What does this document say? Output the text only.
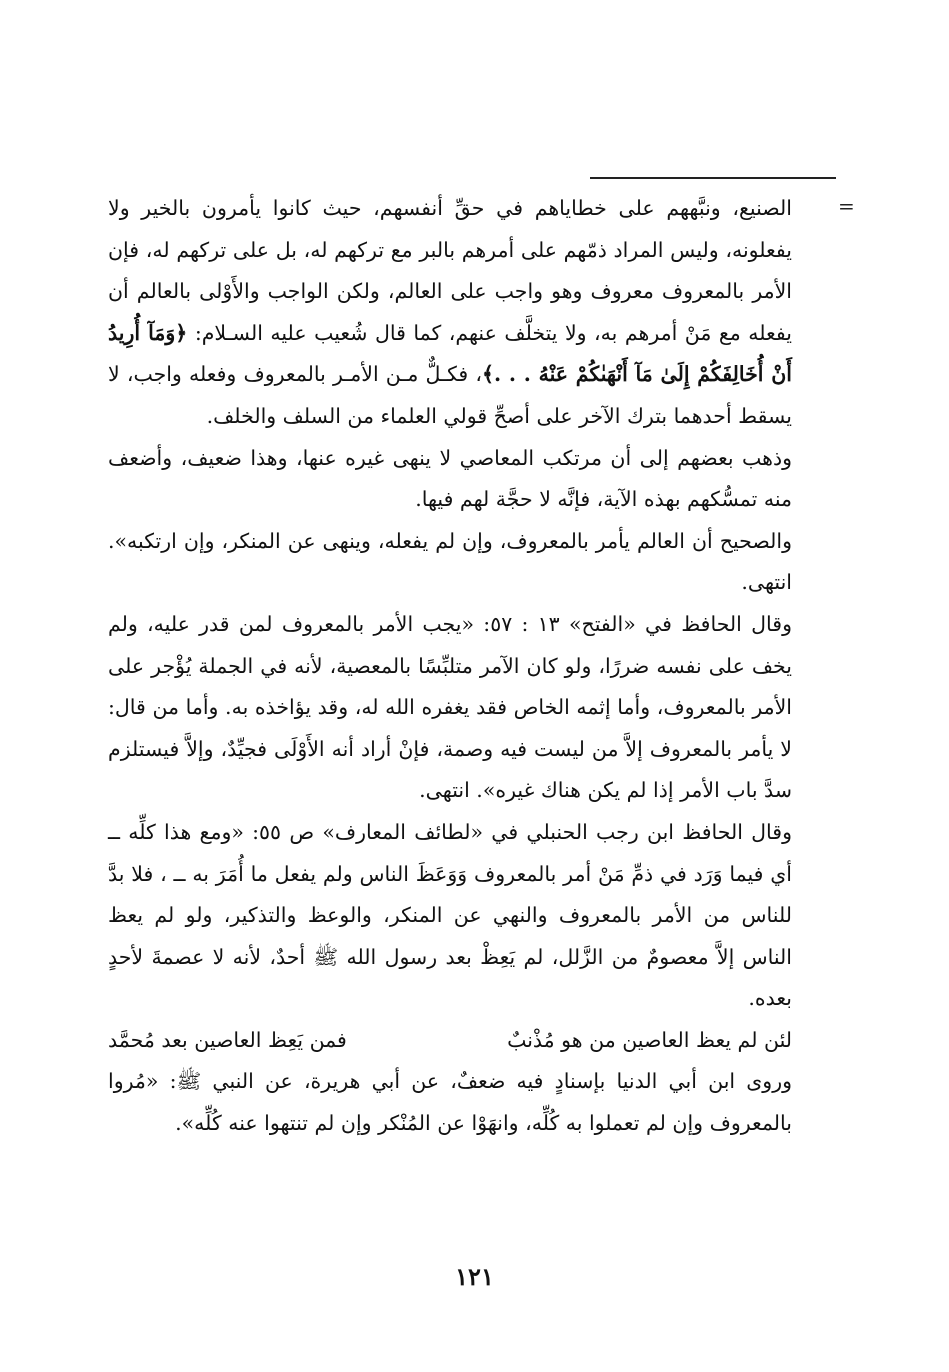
=

الصنيع، ونبَّههم على خطاياهم في حقِّ أنفسهم، حيث كانوا يأمرون بالخير ولا يفعلونه، وليس المراد ذمّهم على أمرهم بالبر مع تركهم له، بل على تركهم له، فإن الأمر بالمعروف معروف وهو واجب على العالم، ولكن الواجب والأَوْلى بالعالم أن يفعله مع مَنْ أمرهم به، ولا يتخلَّف عنهم، كما قال شُعيب عليه السـلام: ﴿وَمَآ أُرِيدُ أَنْ أُخَالِفَكُمْ إِلَىٰ مَآ أَنْهَىٰكُمْ عَنْهُ . . .﴾، فكـلٌّ مـن الأمـر بالمعروف وفعله واجب، لا يسقط أحدهما بترك الآخر على أصحِّ قولي العلماء من السلف والخلف.

وذهب بعضهم إلى أن مرتكب المعاصي لا ينهى غيره عنها، وهذا ضعيف، وأضعف منه تمسُّكهم بهذه الآية، فإنَّه لا حجَّة لهم فيها.

والصحيح أن العالم يأمر بالمعروف، وإن لم يفعله، وينهى عن المنكر، وإن ارتكبه». انتهى.

وقال الحافظ في «الفتح» ١٣ : ٥٧: «يجب الأمر بالمعروف لمن قدر عليه، ولم يخف على نفسه ضررًا، ولو كان الآمر متلبِّسًا بالمعصية، لأنه في الجملة يُؤْجر على الأمر بالمعروف، وأما إثمه الخاص فقد يغفره الله له، وقد يؤاخذه به. وأما من قال: لا يأمر بالمعروف إلاَّ من ليست فيه وصمة، فإنْ أراد أنه الأَوْلَى فجيِّدٌ، وإلاَّ فيستلزم سدَّ باب الأمر إذا لم يكن هناك غيره». انتهى.

وقال الحافظ ابن رجب الحنبلي في «لطائف المعارف» ص ٥٥: «ومع هذا كلِّه ــ أي فيما وَرَد في ذمِّ مَنْ أمر بالمعروف وَوَعَظَ الناس ولم يفعل ما أُمَرَ به ــ ، فلا بدَّ للناس من الأمر بالمعروف والنهي عن المنكر، والوعظ والتذكير، ولو لم يعظ الناس إلاَّ معصومٌ من الزَّلل، لم يَعِظْ بعد رسول الله ﷺ أحدٌ، لأنه لا عصمةَ لأحدٍ بعده.

لئن لم يعظ العاصين من هو مُذْنبٌ
فمن يَعِظ العاصين بعد مُحمَّد

وروى ابن أبي الدنيا بإسنادٍ فيه ضعفٌ، عن أبي هريرة، عن النبي ﷺ: «مُروا بالمعروف وإن لم تعملوا به كُلِّه، وانهَوْا عن المُنْكر وإن لم تنتهوا عنه كُلِّه».

١٢١
